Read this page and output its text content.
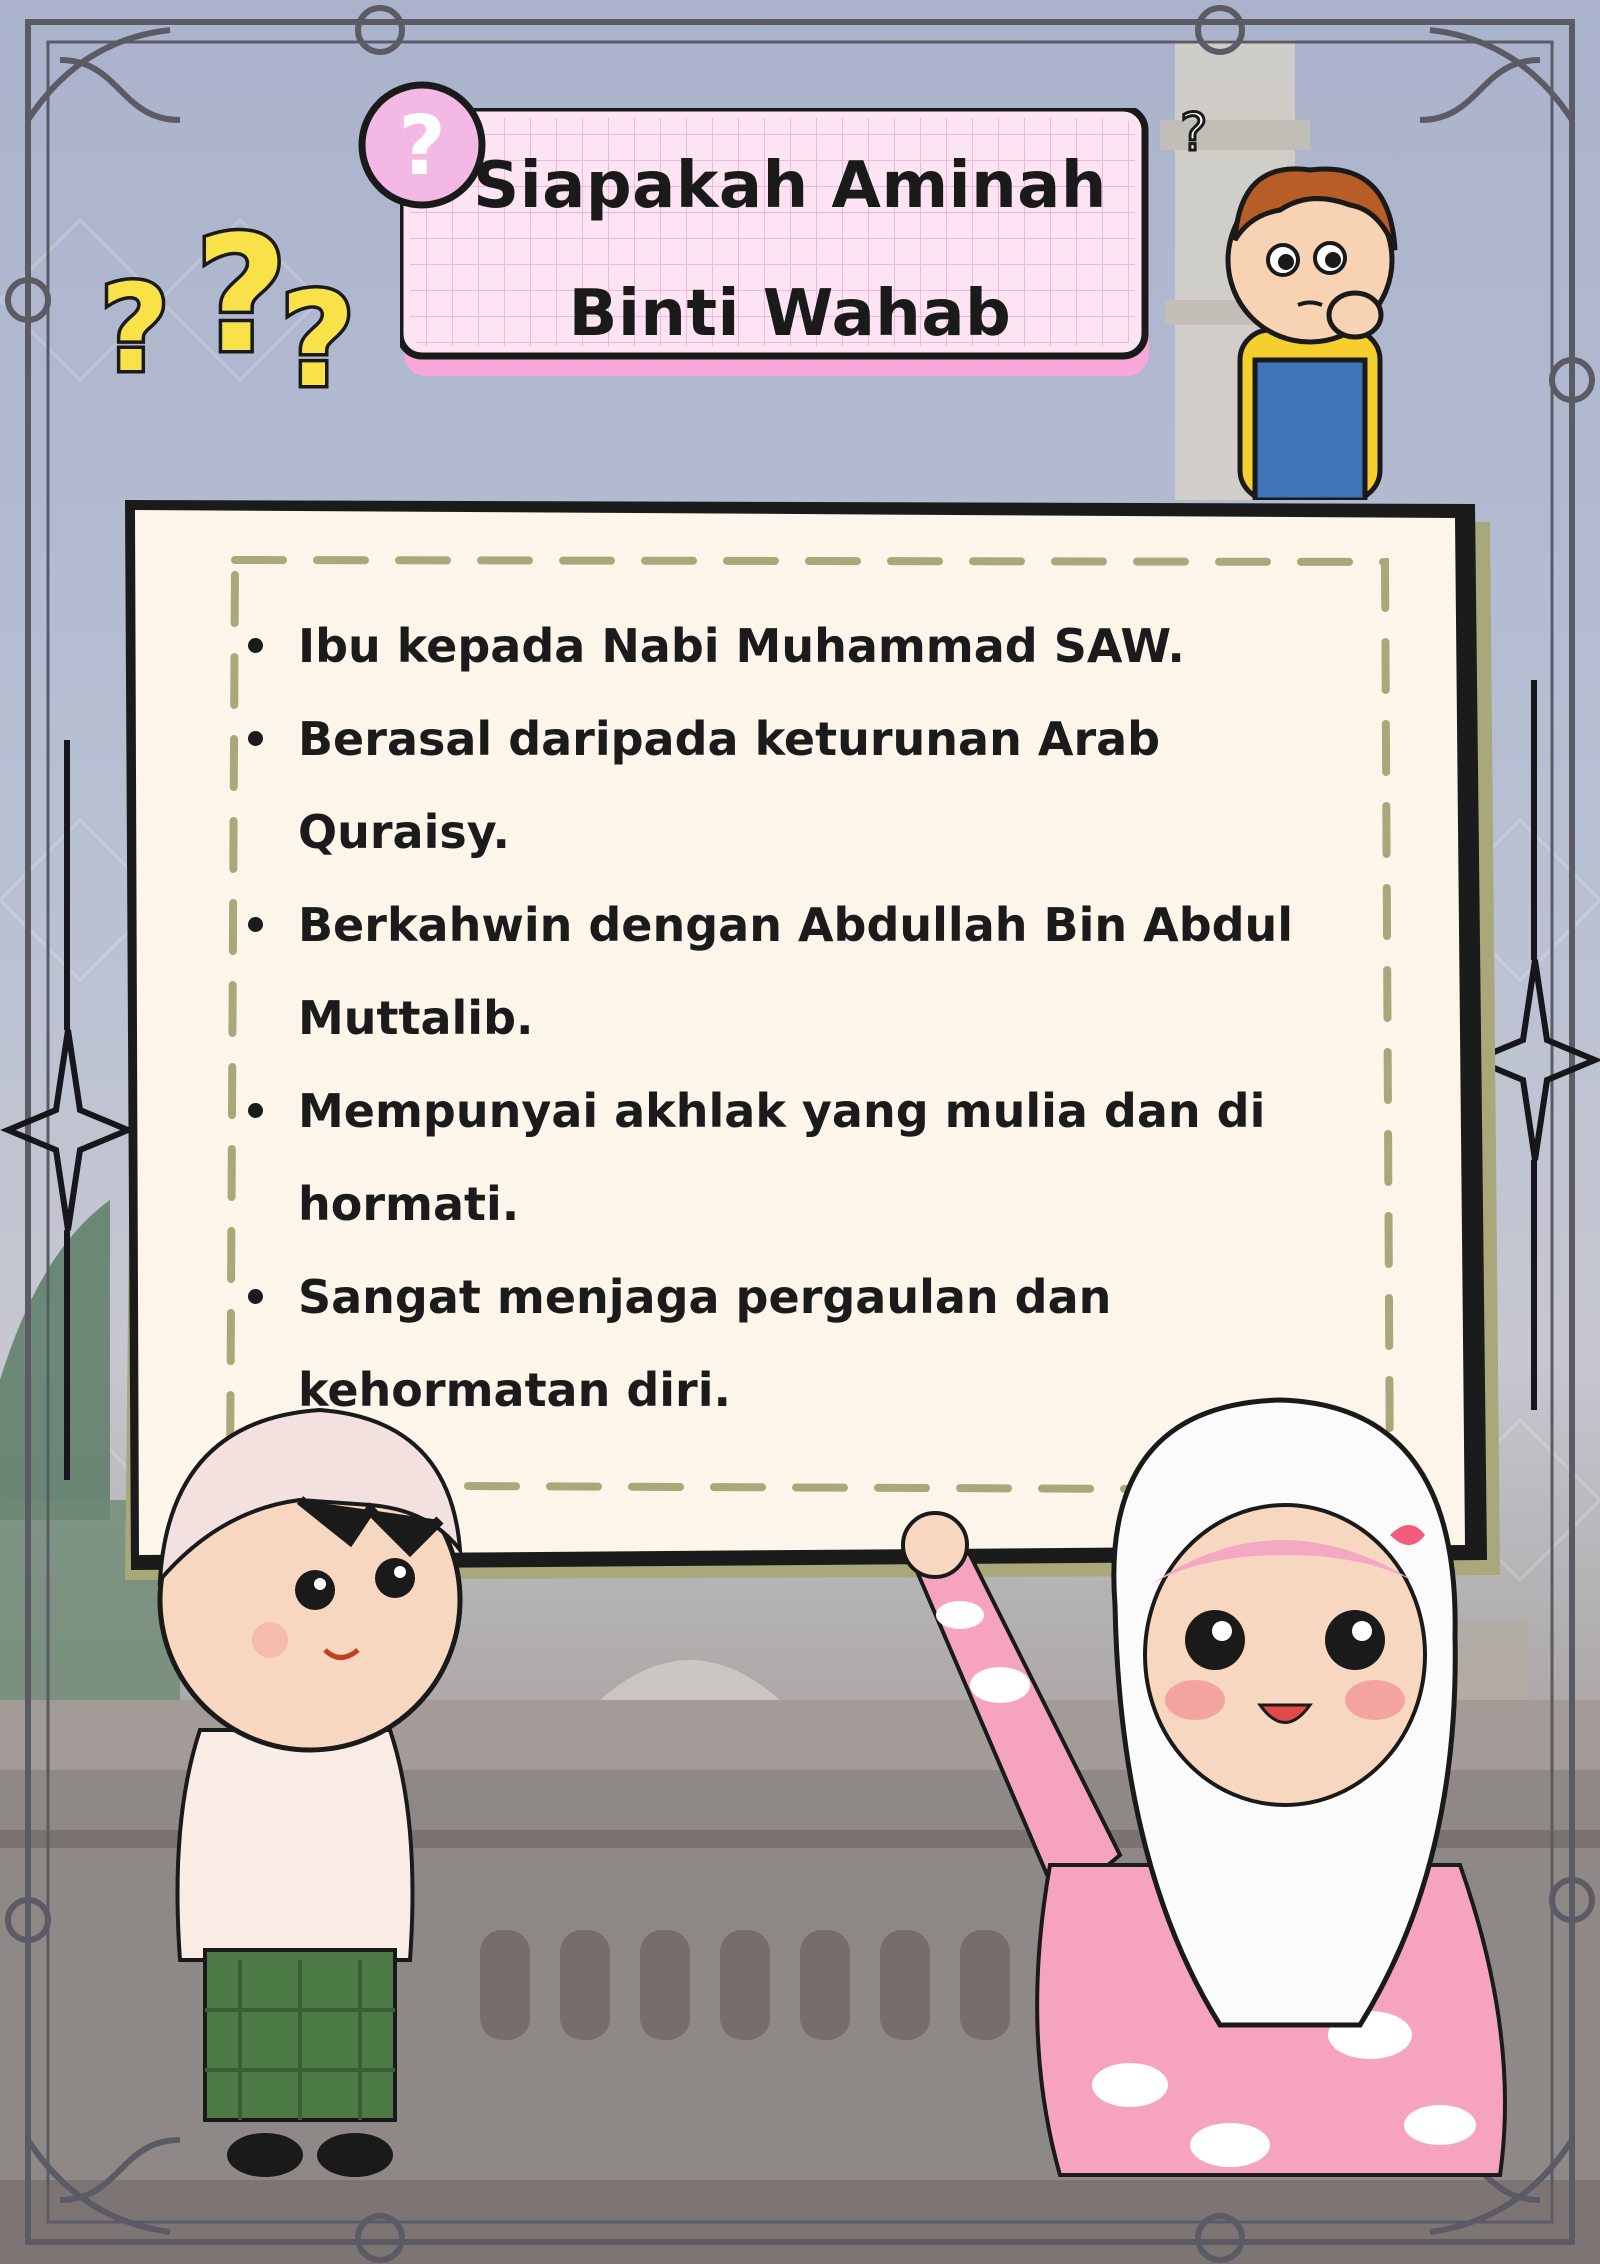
? ?
?
? Siapakah Aminah
Binti Wahab
?
Ibu kepada Nabi Muhammad SAW.
Berasal daripada keturunan Arab Quraisy.
Berkahwin dengan Abdullah Bin Abdul Muttalib.
Mempunyai akhlak yang mulia dan di hormati.
Sangat menjaga pergaulan dan kehormatan diri.
